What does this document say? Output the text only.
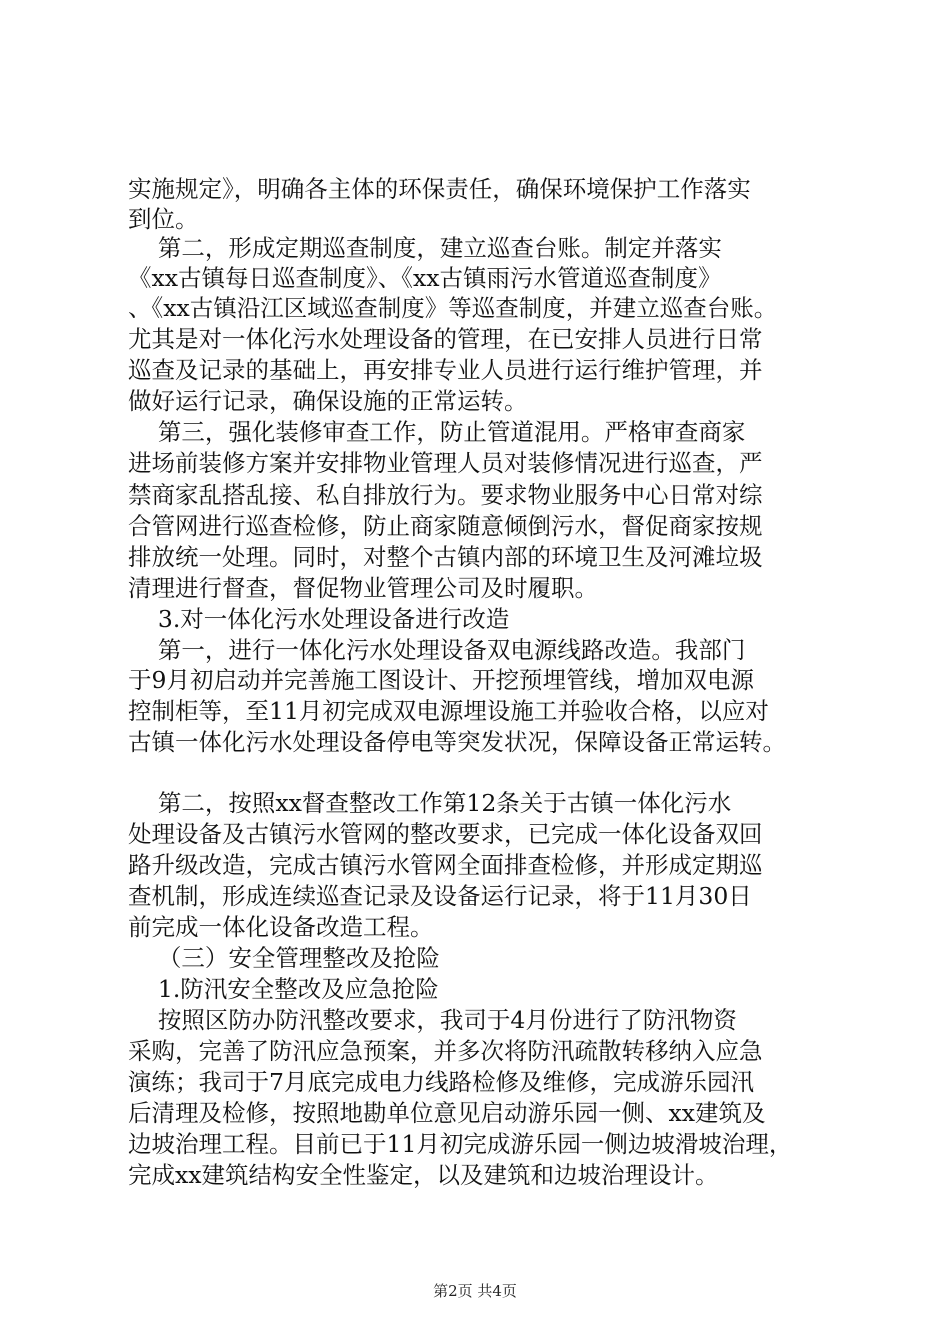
实施规定》，明确各主体的环保责任，确保环境保护工作落实
到位。
第二，形成定期巡查制度，建立巡查台账。制定并落实
《xx古镇每日巡查制度》、《xx古镇雨污水管道巡查制度》
、《xx古镇沿江区域巡查制度》等巡查制度，并建立巡查台账。
尤其是对一体化污水处理设备的管理，在已安排人员进行日常
巡查及记录的基础上，再安排专业人员进行运行维护管理，并
做好运行记录，确保设施的正常运转。
第三，强化装修审查工作，防止管道混用。严格审查商家
进场前装修方案并安排物业管理人员对装修情况进行巡查，严
禁商家乱搭乱接、私自排放行为。要求物业服务中心日常对综
合管网进行巡查检修，防止商家随意倾倒污水，督促商家按规
排放统一处理。同时，对整个古镇内部的环境卫生及河滩垃圾
清理进行督查，督促物业管理公司及时履职。
3.对一体化污水处理设备进行改造
第一，进行一体化污水处理设备双电源线路改造。我部门
于9月初启动并完善施工图设计、开挖预埋管线，增加双电源
控制柜等，至11月初完成双电源埋设施工并验收合格，以应对
古镇一体化污水处理设备停电等突发状况，保障设备正常运转。
第二，按照xx督查整改工作第12条关于古镇一体化污水
处理设备及古镇污水管网的整改要求，已完成一体化设备双回
路升级改造，完成古镇污水管网全面排查检修，并形成定期巡
查机制，形成连续巡查记录及设备运行记录，将于11月30日
前完成一体化设备改造工程。
（三）安全管理整改及抢险
1.防汛安全整改及应急抢险
按照区防办防汛整改要求，我司于4月份进行了防汛物资
采购，完善了防汛应急预案，并多次将防汛疏散转移纳入应急
演练；我司于7月底完成电力线路检修及维修，完成游乐园汛
后清理及检修，按照地勘单位意见启动游乐园一侧、xx建筑及
边坡治理工程。目前已于11月初完成游乐园一侧边坡滑坡治理，
完成xx建筑结构安全性鉴定，以及建筑和边坡治理设计。
第2页 共4页
